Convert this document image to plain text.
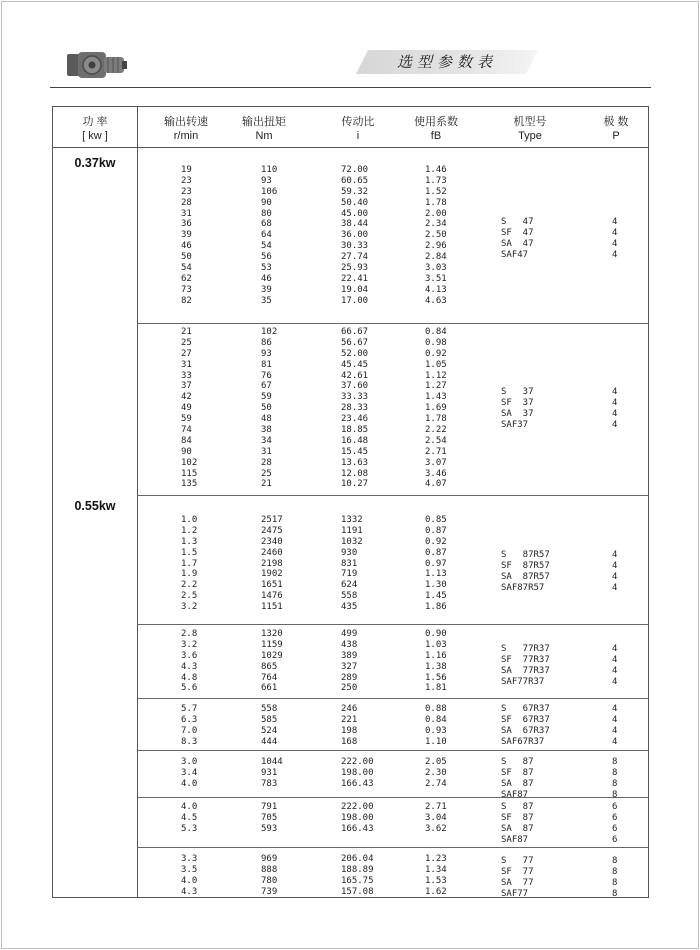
选型参数表
功 率
[ kw ]
输出转速
r/min
输出扭矩
Nm
传动比
i
使用系数
fB
机型号
Type
极 数
P
0.37kw
0.55kw
19
23
23
28
31
36
39
46
50
54
62
73
82
110
93
106
90
80
68
64
54
56
53
46
39
35
72.00
60.65
59.32
50.40
45.00
38.44
36.00
30.33
27.74
25.93
22.41
19.04
17.00
1.46
1.73
1.52
1.78
2.00
2.34
2.50
2.96
2.84
3.03
3.51
4.13
4.63
S   47
SF  47
SA  47
SAF47
4
4
4
4
21
25
27
31
33
37
42
49
59
74
84
90
102
115
135
102
86
93
81
76
67
59
50
48
38
34
31
28
25
21
66.67
56.67
52.00
45.45
42.61
37.60
33.33
28.33
23.46
18.85
16.48
15.45
13.63
12.08
10.27
0.84
0.98
0.92
1.05
1.12
1.27
1.43
1.69
1.78
2.22
2.54
2.71
3.07
3.46
4.07
S   37
SF  37
SA  37
SAF37
4
4
4
4
1.0
1.2
1.3
1.5
1.7
1.9
2.2
2.5
3.2
2517
2475
2340
2460
2198
1902
1651
1476
1151
1332
1191
1032
930
831
719
624
558
435
0.85
0.87
0.92
0.87
0.97
1.13
1.30
1.45
1.86
S   87R57
SF  87R57
SA  87R57
SAF87R57
4
4
4
4
2.8
3.2
3.6
4.3
4.8
5.6
1320
1159
1029
865
764
661
499
438
389
327
289
250
0.90
1.03
1.16
1.38
1.56
1.81
S   77R37
SF  77R37
SA  77R37
SAF77R37
4
4
4
4
5.7
6.3
7.0
8.3
558
585
524
444
246
221
198
168
0.88
0.84
0.93
1.10
S   67R37
SF  67R37
SA  67R37
SAF67R37
4
4
4
4
3.0
3.4
4.0
1044
931
783
222.00
198.00
166.43
2.05
2.30
2.74
S   87
SF  87
SA  87
SAF87
8
8
8
8
4.0
4.5
5.3
791
705
593
222.00
198.00
166.43
2.71
3.04
3.62
S   87
SF  87
SA  87
SAF87
6
6
6
6
3.3
3.5
4.0
4.3
969
888
780
739
206.04
188.89
165.75
157.08
1.23
1.34
1.53
1.62
S   77
SF  77
SA  77
SAF77
8
8
8
8
